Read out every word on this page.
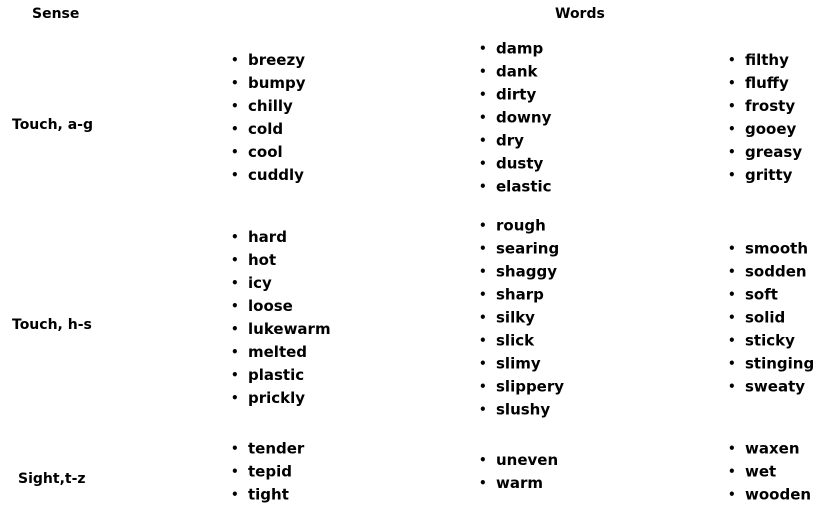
Sense	Words
Touch, a-g
• breezy
• bumpy
• chilly
• cold
• cool
• cuddly
• damp
• dank
• dirty
• downy
• dry
• dusty
• elastic
• filthy
• fluffy
• frosty
• gooey
• greasy
• gritty
Touch, h-s
• hard
• hot
• icy
• loose
• lukewarm
• melted
• plastic
• prickly
• rough
• searing
• shaggy
• sharp
• silky
• slick
• slimy
• slippery
• slushy
• smooth
• sodden
• soft
• solid
• sticky
• stinging
• sweaty
Sight,t-z
• tender
• tepid
• tight
• uneven
• warm
• waxen
• wet
• wooden
